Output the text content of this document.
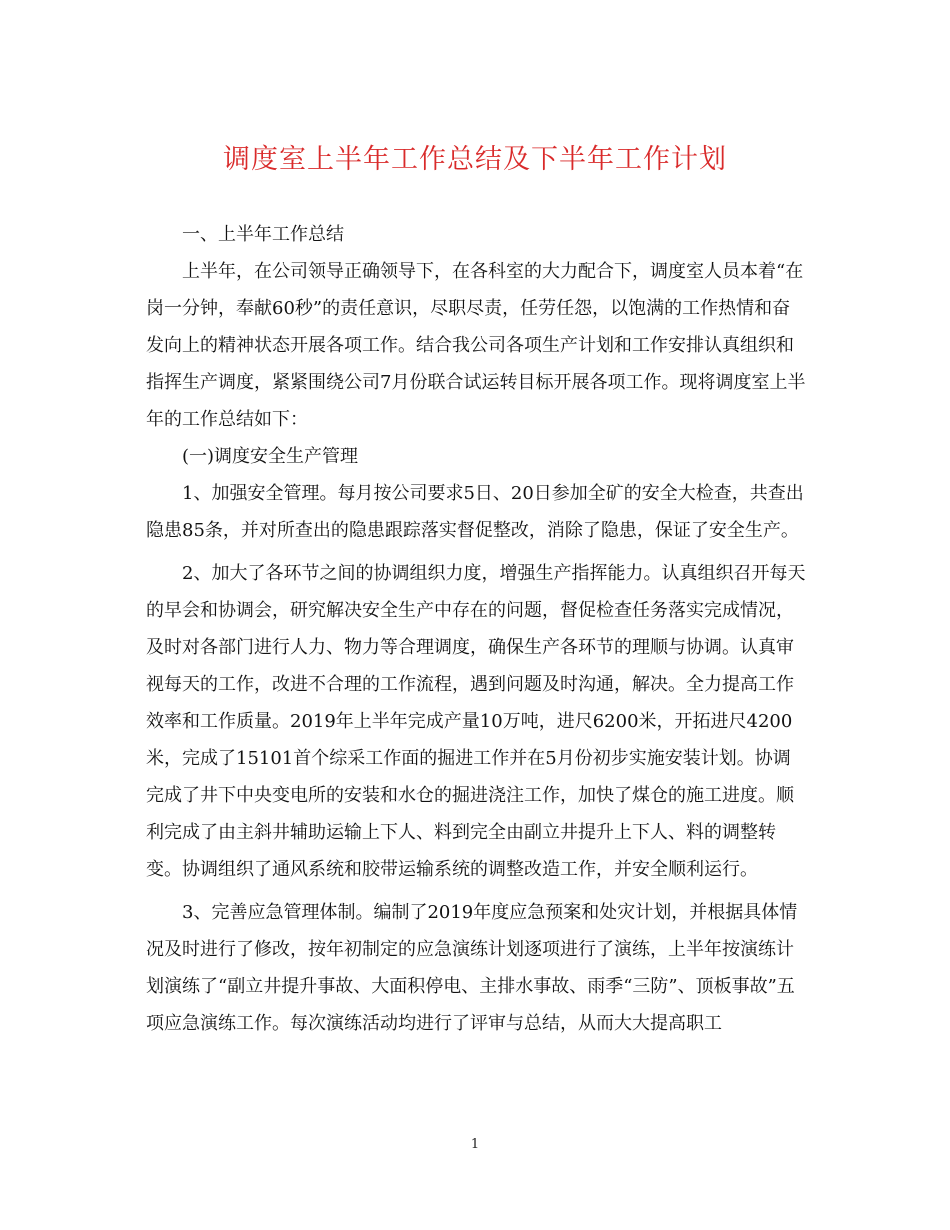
调度室上半年工作总结及下半年工作计划

一、上半年工作总结

上半年，在公司领导正确领导下，在各科室的大力配合下，调度室人员本着“在岗一分钟，奉献60秒”的责任意识，尽职尽责，任劳任怨，以饱满的工作热情和奋发向上的精神状态开展各项工作。结合我公司各项生产计划和工作安排认真组织和指挥生产调度，紧紧围绕公司7月份联合试运转目标开展各项工作。现将调度室上半年的工作总结如下：

(一)调度安全生产管理

1、加强安全管理。每月按公司要求5日、20日参加全矿的安全大检查，共查出隐患85条，并对所查出的隐患跟踪落实督促整改，消除了隐患，保证了安全生产。

2、加大了各环节之间的协调组织力度，增强生产指挥能力。认真组织召开每天的早会和协调会，研究解决安全生产中存在的问题，督促检查任务落实完成情况，及时对各部门进行人力、物力等合理调度，确保生产各环节的理顺与协调。认真审视每天的工作，改进不合理的工作流程，遇到问题及时沟通，解决。全力提高工作效率和工作质量。2019年上半年完成产量10万吨，进尺6200米，开拓进尺4200米，完成了15101首个综采工作面的掘进工作并在5月份初步实施安装计划。协调完成了井下中央变电所的安装和水仓的掘进浇注工作，加快了煤仓的施工进度。顺利完成了由主斜井辅助运输上下人、料到完全由副立井提升上下人、料的调整转变。协调组织了通风系统和胶带运输系统的调整改造工作，并安全顺利运行。

3、完善应急管理体制。编制了2019年度应急预案和处灾计划，并根据具体情况及时进行了修改，按年初制定的应急演练计划逐项进行了演练，上半年按演练计划演练了“副立井提升事故、大面积停电、主排水事故、雨季“三防”、顶板事故”五项应急演练工作。每次演练活动均进行了评审与总结，从而大大提高职工

1
